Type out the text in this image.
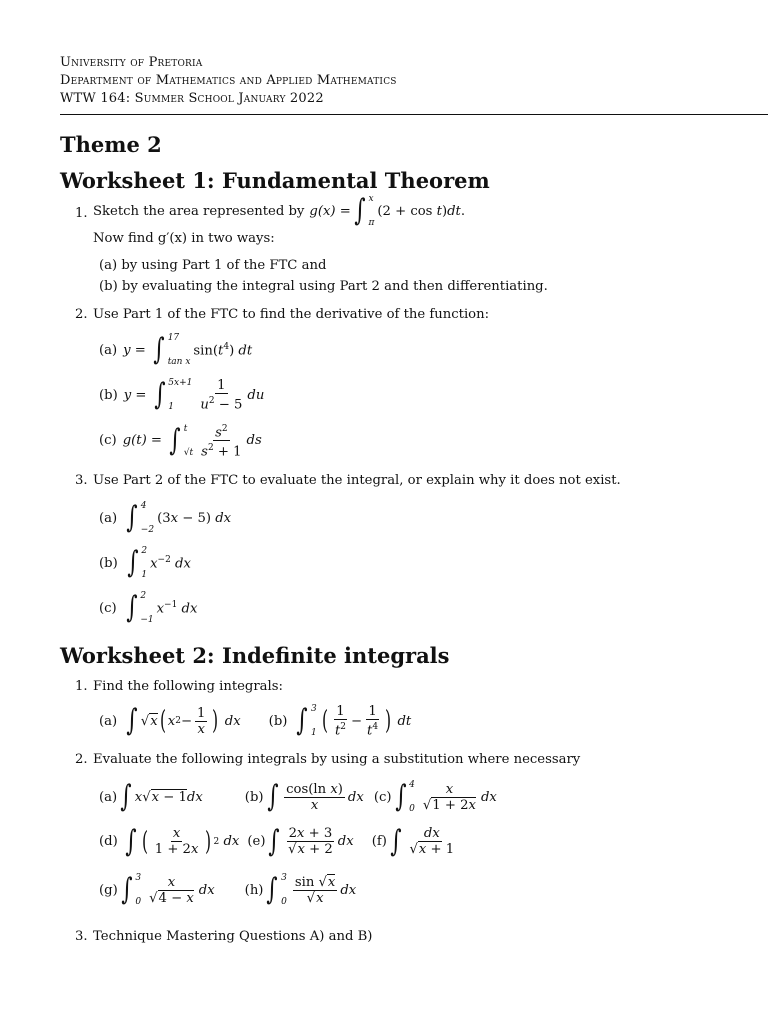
University of Pretoria
Department of Mathematics and Applied Mathematics
WTW 164: Summer School January 2022
Theme 2
Worksheet 1: Fundamental Theorem
1. Sketch the area represented by g(x) = ∫ x
π
(2 + cos t)dt.
Now find g′(x) in two ways:
(a) by using Part 1 of the FTC and
(b) by evaluating the integral using Part 2 and then differentiating.
2. Use Part 1 of the FTC to find the derivative of the function:
(a) y = ∫ 17
tan x
$\sin(t^4)$ dt
(b) y = ∫ 5x+1
1	$\frac{1}{u^2 - 5}$ du
(c) g(t) = ∫ t
$√t \frac{s^2}{s^2 + 1}$ ds
3. Use Part 2 of the FTC to evaluate the integral, or explain why it does not exist.
(a) ∫ 4
−2
(3x − 5) dx
(b) ∫ 2
1
$x^{-2}$ dx
(c) ∫ 2
−1
$x^{-1}$ dx
Worksheet 2: Indefinite integrals
1. Find the following integrals:
(a) ∫ √x ( x $2 - \frac{1}{x}$ )
dx (b) ∫ 3
1 ( $\frac{1}{t^2} - \frac{1}{t^4}$ )
dt
2. Evaluate the following integrals by using a substitution where necessary
(a) ∫ x√x − 1dx	(b) ∫ $\frac{\text{cos(ln x)}}{x}$ dx (c) ∫ 4
$0 \frac{x}{√1 + 2x}$ dx
(d)
∫ ( $\frac{x}{1 + 2x}$ ) 2
dx (e) ∫ $\frac{2x + 3}{√x + 2}$ dx (f) ∫ $\frac{dx}{√x + 1}$
(g) ∫ 3
$0 \frac{x}{√4 - x}$ dx (h) ∫ 3
$0 \frac{\sin √x}{√x}$ dx
3. Technique Mastering Questions A) and B)
